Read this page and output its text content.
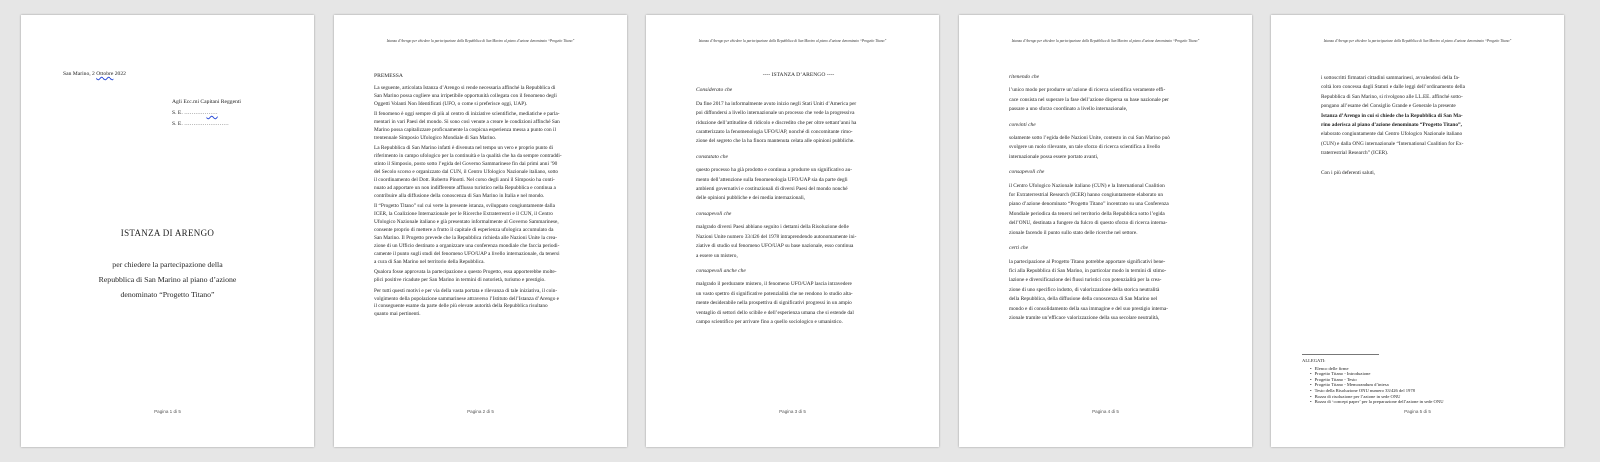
San Marino, 2 Ottobre 2022
Agli Ecc.mi Capitani Reggenti
S. E. ………………
S. E. ……………………
ISTANZA DI ARENGO
per chiedere la partecipazione della
Repubblica di San Marino al piano d’azione
denominato “Progetto Titano”
Pagina 1 di 5
Istanza d’Arengo per chiedere la partecipazione della Repubblica di San Marino al piano d’azione denominato “Progetto Titano”
PREMESSA

La seguente, articolata Istanza d’Arengo si rende necessaria affinché la Repubblica di
San Marino possa cogliere una irripetibile opportunità collegata con il fenomeno degli
Oggetti Volanti Non Identificati (UFO, o come si preferisce oggi, UAP).

Il fenomeno è oggi sempre di più al centro di iniziative scientifiche, mediatiche e parla-
mentari in vari Paesi del mondo. Si sono così venute a creare le condizioni affinché San
Marino possa capitalizzare proficuamente la cospicua esperienza messa a punto con il
trentennale Simposio Ufologico Mondiale di San Marino.

La Repubblica di San Marino infatti è divenuta nel tempo un vero e proprio punto di
riferimento in campo ufologico per la continuità e la qualità che ha da sempre contraddi-
stinto il Simposio, posto sotto l’egida del Governo Sammarinese fin dai primi anni ’90
del Secolo scorso e organizzato dal CUN, il Centro Ufologico Nazionale italiano, sotto
il coordinamento del Dott. Roberto Pinotti. Nel corso degli anni il Simposio ha conti-
nuato ad apportare un non indifferente afflusso turistico nella Repubblica e continua a
contribuire alla diffusione della conoscenza di San Marino in Italia e nel mondo.

Il “Progetto Titano” sul cui verte la presente istanza, sviluppato congiuntamente dalla
ICER, la Coalizione Internazionale per le Ricerche Extraterrestri e il CUN, il Centro
Ufologico Nazionale italiano e già presentato informalmente al Governo Sammarinese,
consente proprio di mettere a frutto il capitale di esperienza ufologica accumulato da
San Marino. Il Progetto prevede che la Repubblica richieda alle Nazioni Unite la crea-
zione di un Ufficio destinato a organizzare una conferenza mondiale che faccia periodi-
camente il punto sugli studi del fenomeno UFO/UAP a livello internazionale, da tenersi
a cura di San Marino nel territorio della Repubblica.

Qualora fosse approvata la partecipazione a questo Progetto, essa apporterebbe molte-
plici positive ricadute per San Marino in termini di notorietà, turismo e prestigio.

Per tutti questi motivi e per via della vasta portata e rilevanza di tale iniziativa, il coin-
volgimento della popolazione sammarinese attraverso l’Istituto dell’Istanza d’Arengo e
il conseguente esame da parte delle più elevate autorità della Repubblica risultano
quanto mai pertinenti.

Pagina 2 di 5
Istanza d’Arengo per chiedere la partecipazione della Repubblica di San Marino al piano d’azione denominato “Progetto Titano”
---- ISTANZA D’ARENGO ----
Considerato che

Da fine 2017 ha informalmente avuto inizio negli Stati Uniti d’America per
poi diffondersi a livello internazionale un processo che vede la progressiva
riduzione dell’attitudine di ridicolo e discredito che per oltre settant’anni ha
caratterizzato la fenomenologia UFO/UAP, nonché di concomitante rimo-
zione del segreto che la ha finora mantenuta celata alle opinioni pubbliche.

constatato che

questo processo ha già prodotto e continua a produrre un significativo au-
mento dell’attenzione sulla fenomenologia UFO/UAP sia da parte degli
ambienti governativi e costituzionali di diversi Paesi del mondo nonché
delle opinioni pubbliche e dei media internazionali,

consapevoli che

malgrado diversi Paesi abbiano seguito i dettami della Risoluzione delle
Nazioni Unite numero 33/426 del 1978 intraprendendo autonomamente ini-
ziative di studio sul fenomeno UFO/UAP su base nazionale, esso continua
a essere un mistero,

consapevoli anche che

malgrado il perdurante mistero, il fenomeno UFO/UAP lascia intravedere
un vasto spettro di significative potenzialità che ne rendono lo studio alta-
mente desiderabile nella prospettiva di significativi progressi in un ampio
ventaglio di settori dello scibile e dell’esperienza umana che si estende dal
campo scientifico per arrivare fino a quello sociologico e umanistico.

Pagina 3 di 5
Istanza d’Arengo per chiedere la partecipazione della Repubblica di San Marino al piano d’azione denominato “Progetto Titano”
ritenendo che

l’unico modo per produrre un’azione di ricerca scientifica veramente effi-
cace consista nel superare la fase dell’azione dispersa su base nazionale per
passare a uno sforzo coordinato a livello internazionale,

convinti che

solamente sotto l’egida delle Nazioni Unite, contesto in cui San Marino può
svolgere un ruolo rilevante, un tale sforzo di ricerca scientifica a livello
internazionale possa essere portato avanti,

consapevoli che

il Centro Ufologico Nazionale italiano (CUN) e la International Coalition
for Extraterrestrial Research (ICER) hanno congiuntamente elaborato un
piano d’azione denominato “Progetto Titano” incentrato su una Conferenza
Mondiale periodica da tenersi nel territorio della Repubblica sotto l’egida
dell’ONU, destinata a fungere da fulcro di questo sforzo di ricerca interna-
zionale facendo il punto sullo stato delle ricerche nel settore.

certi che

la partecipazione al Progetto Titano potrebbe apportare significativi bene-
fici alla Repubblica di San Marino, in particolar modo in termini di stimo-
lazione e diversificazione dei flussi turistici con potenzialità per la crea-
zione di uno specifico indotto, di valorizzazione della storica neutralità
della Repubblica, della diffusione della conoscenza di San Marino nel
mondo e di consolidamento della sua immagine e del suo prestigio interna-
zionale tramite un’efficace valorizzazione della sua secolare neutralità,

Pagina 4 di 5
Istanza d’Arengo per chiedere la partecipazione della Repubblica di San Marino al piano d’azione denominato “Progetto Titano”

i sottoscritti firmatari cittadini sammarinesi, avvalendosi della fa-
coltà loro concessa dagli Statuti e dalle leggi dell’ordinamento della
Repubblica di San Marino, si rivolgono alle LL.EE. affinché sotto-
pongano all’esame del Consiglio Grande e Generale la presente
Istanza d’Arengo in cui si chiede che la Repubblica di San Ma-
rino aderisca al piano d’azione denominato “Progetto Titano”,
elaborato congiuntamente dal Centro Ufologico Nazionale italiano
(CUN) e dalla ONG internazionale “International Coalition for Ex-
traterrestrial Research” (ICER).

Con i più deferenti saluti,

ALLEGATI:
• Elenco delle firme
• Progetto Titano - Introduzione
• Progetto Titano - Testo
• Progetto Titano - Memorandum d’intesa
• Testo della Risoluzione ONU numero 33/426 del 1978
• Bozza di risoluzione per l’azione in sede ONU
• Bozza di ‘concept paper’ per la preparazione dell’azione in sede ONU
Pagina 5 di 5
